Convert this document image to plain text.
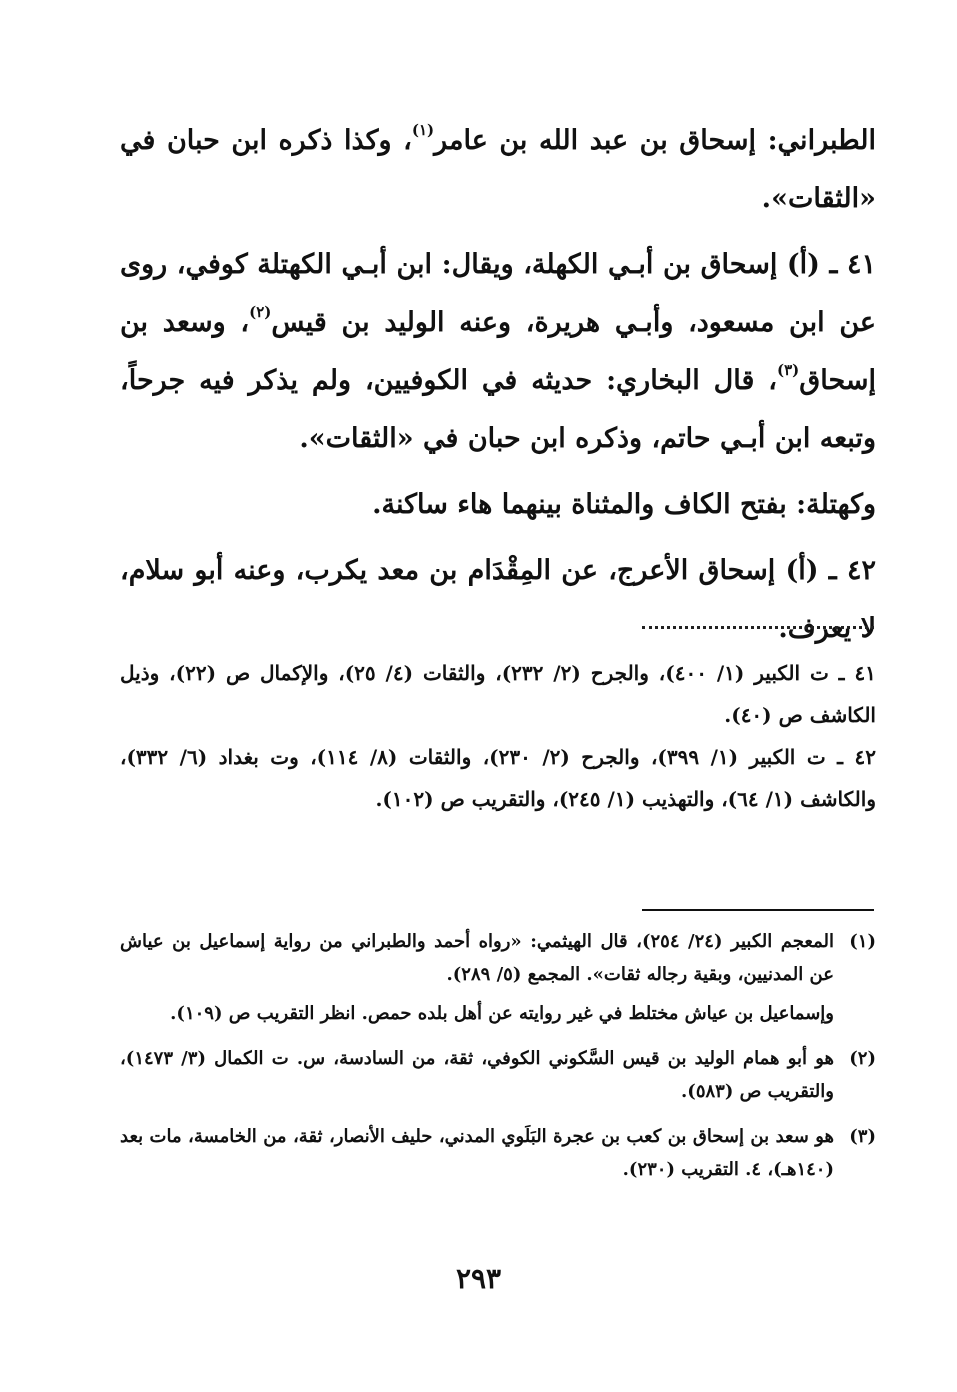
الطبراني: إسحاق بن عبد الله بن عامر$^{(١)}$، وكذا ذكره ابن حبان في «الثقات».

٤١ ـ (أ) إسحاق بن أبـي الكهلة، ويقال: ابن أبـي الكهتلة كوفي، روى عن ابن مسعود، وأبـي هريرة، وعنه الوليد بن قيس$^{(٢)}$، وسعد بن إسحاق$^{(٣)}$، قال البخاري: حديثه في الكوفيين، ولم يذكر فيه جرحاً، وتبعه ابن أبـي حاتم، وذكره ابن حبان في «الثقات».

وكهتلة: بفتح الكاف والمثناة بينهما هاء ساكنة.

٤٢ ـ (أ) إسحاق الأعرج، عن المِقْدَام بن معد يكرب، وعنه أبو سلام، لا يعرف.

٤١ ـ ت الكبير (١/ ٤٠٠)، والجرح (٢/ ٢٣٢)، والثقات (٤/ ٢٥)، والإكمال ص (٢٢)، وذيل الكاشف ص (٤٠).

٤٢ ـ ت الكبير (١/ ٣٩٩)، والجرح (٢/ ٢٣٠)، والثقات (٨/ ١١٤)، وت بغداد (٦/ ٣٣٢)، والكاشف (١/ ٦٤)، والتهذيب (١/ ٢٤٥)، والتقريب ص (١٠٢).

(١)

المعجم الكبير (٢٤/ ٢٥٤)، قال الهيثمي: «رواه أحمد والطبراني من رواية إسماعيل بن عياش عن المدنيين، وبقية رجاله ثقات». المجمع (٥/ ٢٨٩).

وإسماعيل بن عياش مختلط في غير روايته عن أهل بلده حمص. انظر التقريب ص (١٠٩).

(٢)

هو أبو همام الوليد بن قيس السَّكوني الكوفي، ثقة، من السادسة، س. ت الكمال (٣/ ١٤٧٣)، والتقريب ص (٥٨٣).

(٣)

هو سعد بن إسحاق بن كعب بن عجرة البَلَوي المدني، حليف الأنصار، ثقة، من الخامسة، مات بعد (١٤٠هـ)، ٤. التقريب (٢٣٠).

٢٩٣
